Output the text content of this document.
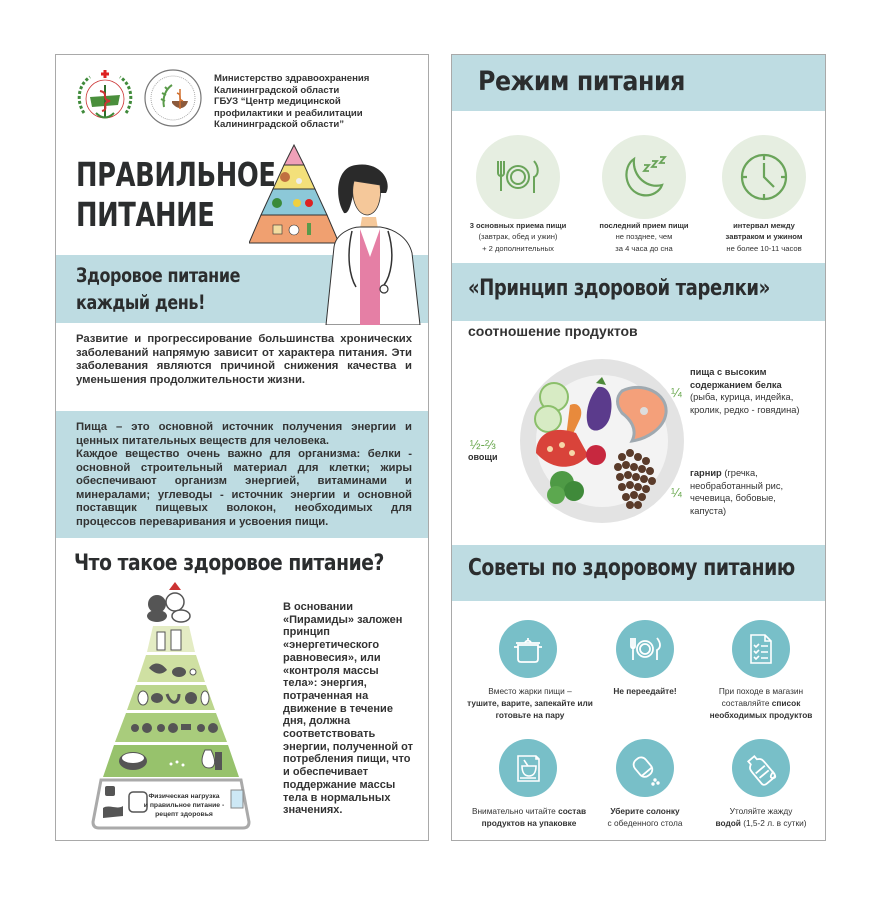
Министерство здравоохранения
Калининградской области
ГБУЗ “Центр медицинской
профилактики и реабилитации
Калининградской области”
ПРАВИЛЬНОЕ
ПИТАНИЕ
Здоровое питание
каждый день!

Развитие и прогрессирование большинства хронических заболеваний напрямую зависит от характера питания. Эти заболевания являются причиной снижения качества и уменьшения продолжительности жизни.

Пища – это основной источник получения энергии и ценных питательных веществ для человека.

Каждое вещество очень важно для организма: белки - основной строительный материал для клетки; жиры обеспечивают организм энергией, витаминами и минералами; углеводы - источник энергии и основной поставщик пищевых волокон, необходимых для процессов переваривания и усвоения пищи.

Что такое здоровое питание?
Физическая нагрузка
и правильное питание -
рецепт здоровья

В основании «Пирамиды» заложен принцип «энергетического равновесия», или «контроля массы тела»: энергия, потраченная на движение в течение дня, должна соответствовать энергии, полученной от потребления пищи, что и обеспечивает поддержание массы тела в нормальных значениях.

Режим питания
3 основных приема пищи
(завтрак, обед и ужин)
+ 2 дополнительных
последний прием пищи
не позднее, чем
за 4 часа до сна
интервал между
завтраком и ужином
не более 10-11 часов
«Принцип здоровой тарелки»
соотношение продуктов
½-⅔
овощи
¼
пища с высоким
содержанием белка
(рыба, курица, индейка,
кролик, редко - говядина)
¼
гарнир (гречка,
необработанный рис,
чечевица, бобовые,
капуста)
Советы по здоровому питанию
Вместо жарки пищи –
тушите, варите, запекайте или готовьте на пару
Не переедайте!	При походе в магазин составляйте список необходимых продуктов
Внимательно читайте состав продуктов на упаковке
Уберите солонку
с обеденного стола
Утоляйте жажду
водой (1,5-2 л. в сутки)
